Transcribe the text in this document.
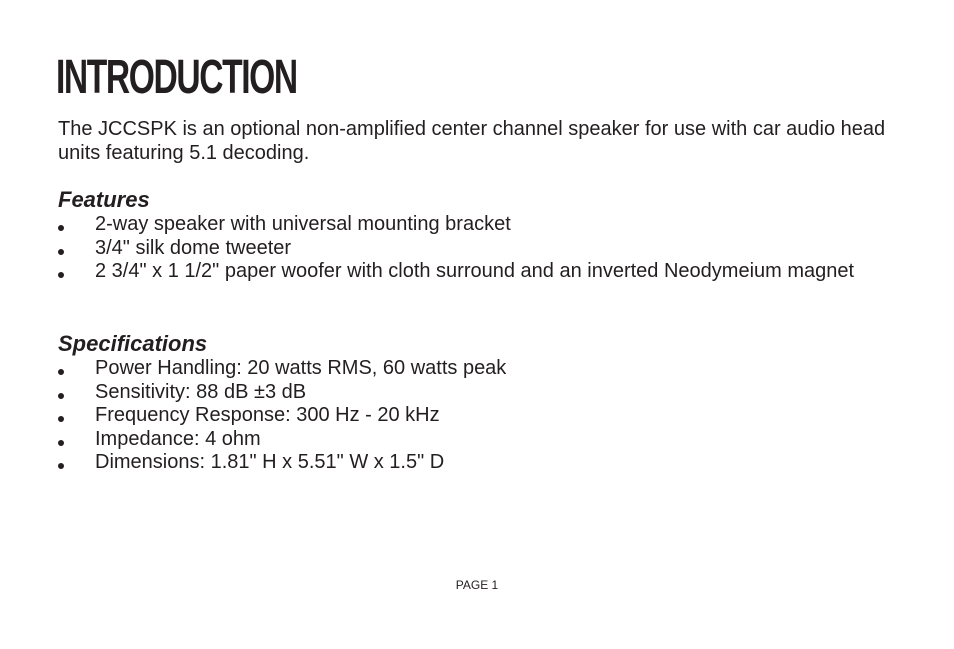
INTRODUCTION

The JCCSPK is an optional non-amplified center channel speaker for use with car audio head units featuring 5.1 decoding.

Features
2-way speaker with universal mounting bracket
3/4" silk dome tweeter
2 3/4" x 1 1/2" paper woofer with cloth surround and an inverted Neodymeium magnet
Specifications
Power Handling: 20 watts RMS, 60 watts peak
Sensitivity: 88 dB ±3 dB
Frequency Response: 300 Hz - 20 kHz
Impedance: 4 ohm
Dimensions: 1.81" H x 5.51" W x 1.5" D
PAGE 1
